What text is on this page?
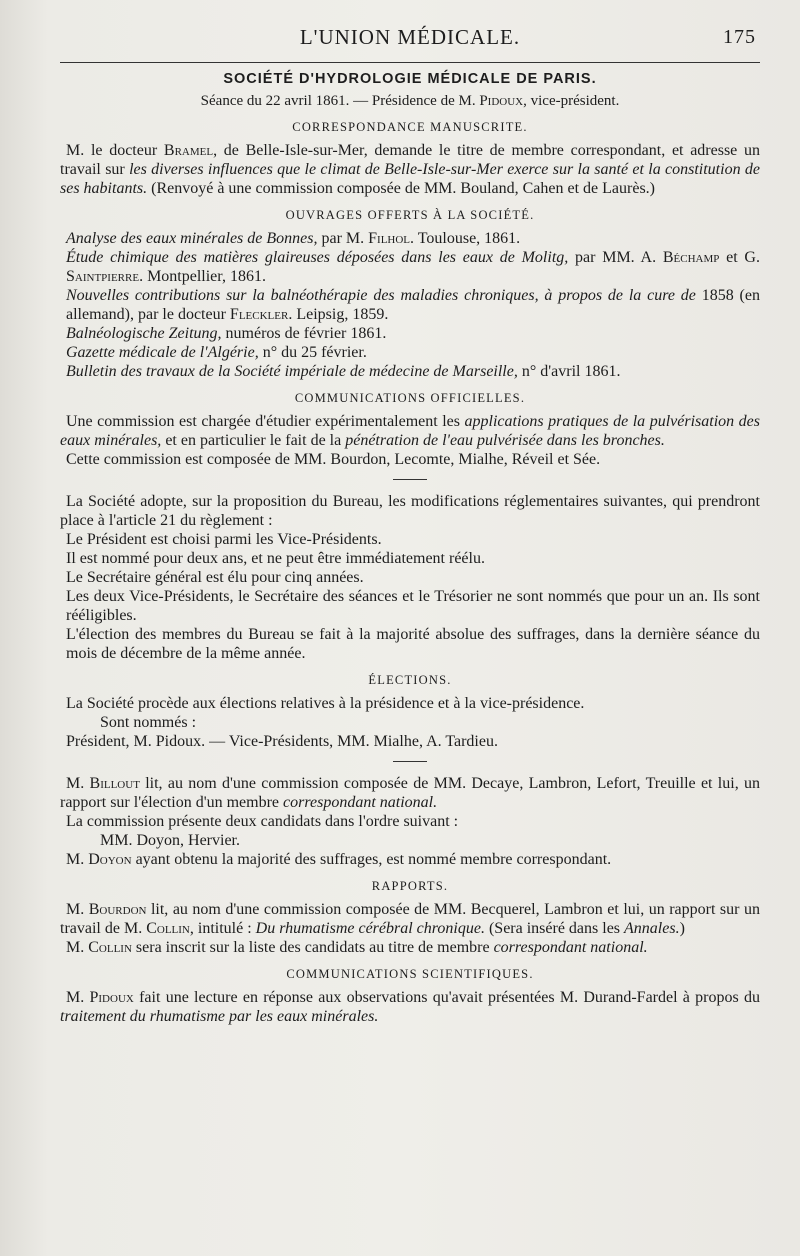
L'UNION MÉDICALE.	175
SOCIÉTÉ D'HYDROLOGIE MÉDICALE DE PARIS.
Séance du 22 avril 1861. — Présidence de M. Pidoux, vice-président.
CORRESPONDANCE MANUSCRITE.

M. le docteur Bramel, de Belle-Isle-sur-Mer, demande le titre de membre correspondant, et adresse un travail sur les diverses influences que le climat de Belle-Isle-sur-Mer exerce sur la santé et la constitution de ses habitants. (Renvoyé à une commission composée de MM. Bouland, Cahen et de Laurès.)

OUVRAGES OFFERTS À LA SOCIÉTÉ.

Analyse des eaux minérales de Bonnes, par M. Filhol. Toulouse, 1861.

Étude chimique des matières glaireuses déposées dans les eaux de Molitg, par MM. A. Béchamp et G. Saintpierre. Montpellier, 1861.

Nouvelles contributions sur la balnéothérapie des maladies chroniques, à propos de la cure de 1858 (en allemand), par le docteur Fleckler. Leipsig, 1859.

Balnéologische Zeitung, numéros de février 1861.

Gazette médicale de l'Algérie, n° du 25 février.

Bulletin des travaux de la Société impériale de médecine de Marseille, n° d'avril 1861.

COMMUNICATIONS OFFICIELLES.

Une commission est chargée d'étudier expérimentalement les applications pratiques de la pulvérisation des eaux minérales, et en particulier le fait de la pénétration de l'eau pulvérisée dans les bronches.

Cette commission est composée de MM. Bourdon, Lecomte, Mialhe, Réveil et Sée.

La Société adopte, sur la proposition du Bureau, les modifications réglementaires suivantes, qui prendront place à l'article 21 du règlement :

Le Président est choisi parmi les Vice-Présidents.

Il est nommé pour deux ans, et ne peut être immédiatement réélu.

Le Secrétaire général est élu pour cinq années.

Les deux Vice-Présidents, le Secrétaire des séances et le Trésorier ne sont nommés que pour un an. Ils sont rééligibles.

L'élection des membres du Bureau se fait à la majorité absolue des suffrages, dans la dernière séance du mois de décembre de la même année.

ÉLECTIONS.

La Société procède aux élections relatives à la présidence et à la vice-présidence.

Sont nommés :

Président, M. Pidoux. — Vice-Présidents, MM. Mialhe, A. Tardieu.

M. Billout lit, au nom d'une commission composée de MM. Decaye, Lambron, Lefort, Treuille et lui, un rapport sur l'élection d'un membre correspondant national.

La commission présente deux candidats dans l'ordre suivant :

MM. Doyon, Hervier.

M. Doyon ayant obtenu la majorité des suffrages, est nommé membre correspondant.

RAPPORTS.

M. Bourdon lit, au nom d'une commission composée de MM. Becquerel, Lambron et lui, un rapport sur un travail de M. Collin, intitulé : Du rhumatisme cérébral chronique. (Sera inséré dans les Annales.)

M. Collin sera inscrit sur la liste des candidats au titre de membre correspondant national.

COMMUNICATIONS SCIENTIFIQUES.

M. Pidoux fait une lecture en réponse aux observations qu'avait présentées M. Durand-Fardel à propos du traitement du rhumatisme par les eaux minérales.
